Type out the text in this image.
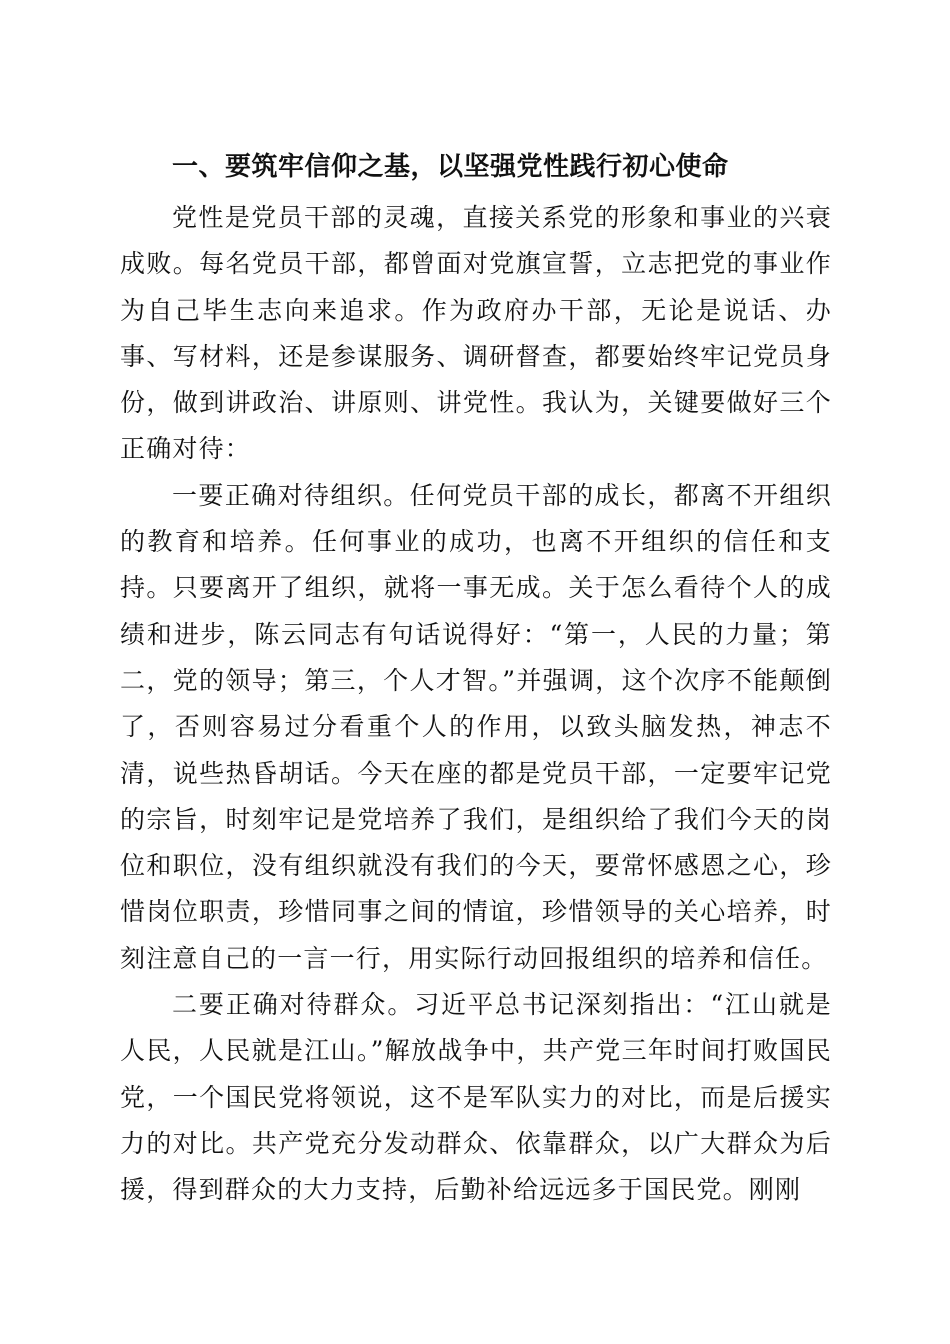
一、要筑牢信仰之基，以坚强党性践行初心使命

党性是党员干部的灵魂，直接关系党的形象和事业的兴衰成败。每名党员干部，都曾面对党旗宣誓，立志把党的事业作为自己毕生志向来追求。作为政府办干部，无论是说话、办事、写材料，还是参谋服务、调研督查，都要始终牢记党员身份，做到讲政治、讲原则、讲党性。我认为，关键要做好三个正确对待：

一要正确对待组织。任何党员干部的成长，都离不开组织的教育和培养。任何事业的成功，也离不开组织的信任和支持。只要离开了组织，就将一事无成。关于怎么看待个人的成绩和进步，陈云同志有句话说得好：“第一，人民的力量；第二，党的领导；第三，个人才智。”并强调，这个次序不能颠倒了，否则容易过分看重个人的作用，以致头脑发热，神志不清，说些热昏胡话。今天在座的都是党员干部，一定要牢记党的宗旨，时刻牢记是党培养了我们，是组织给了我们今天的岗位和职位，没有组织就没有我们的今天，要常怀感恩之心，珍惜岗位职责，珍惜同事之间的情谊，珍惜领导的关心培养，时刻注意自己的一言一行，用实际行动回报组织的培养和信任。

二要正确对待群众。习近平总书记深刻指出：“江山就是人民，人民就是江山。”解放战争中，共产党三年时间打败国民党，一个国民党将领说，这不是军队实力的对比，而是后援实力的对比。共产党充分发动群众、依靠群众，以广大群众为后援，得到群众的大力支持，后勤补给远远多于国民党。刚刚
